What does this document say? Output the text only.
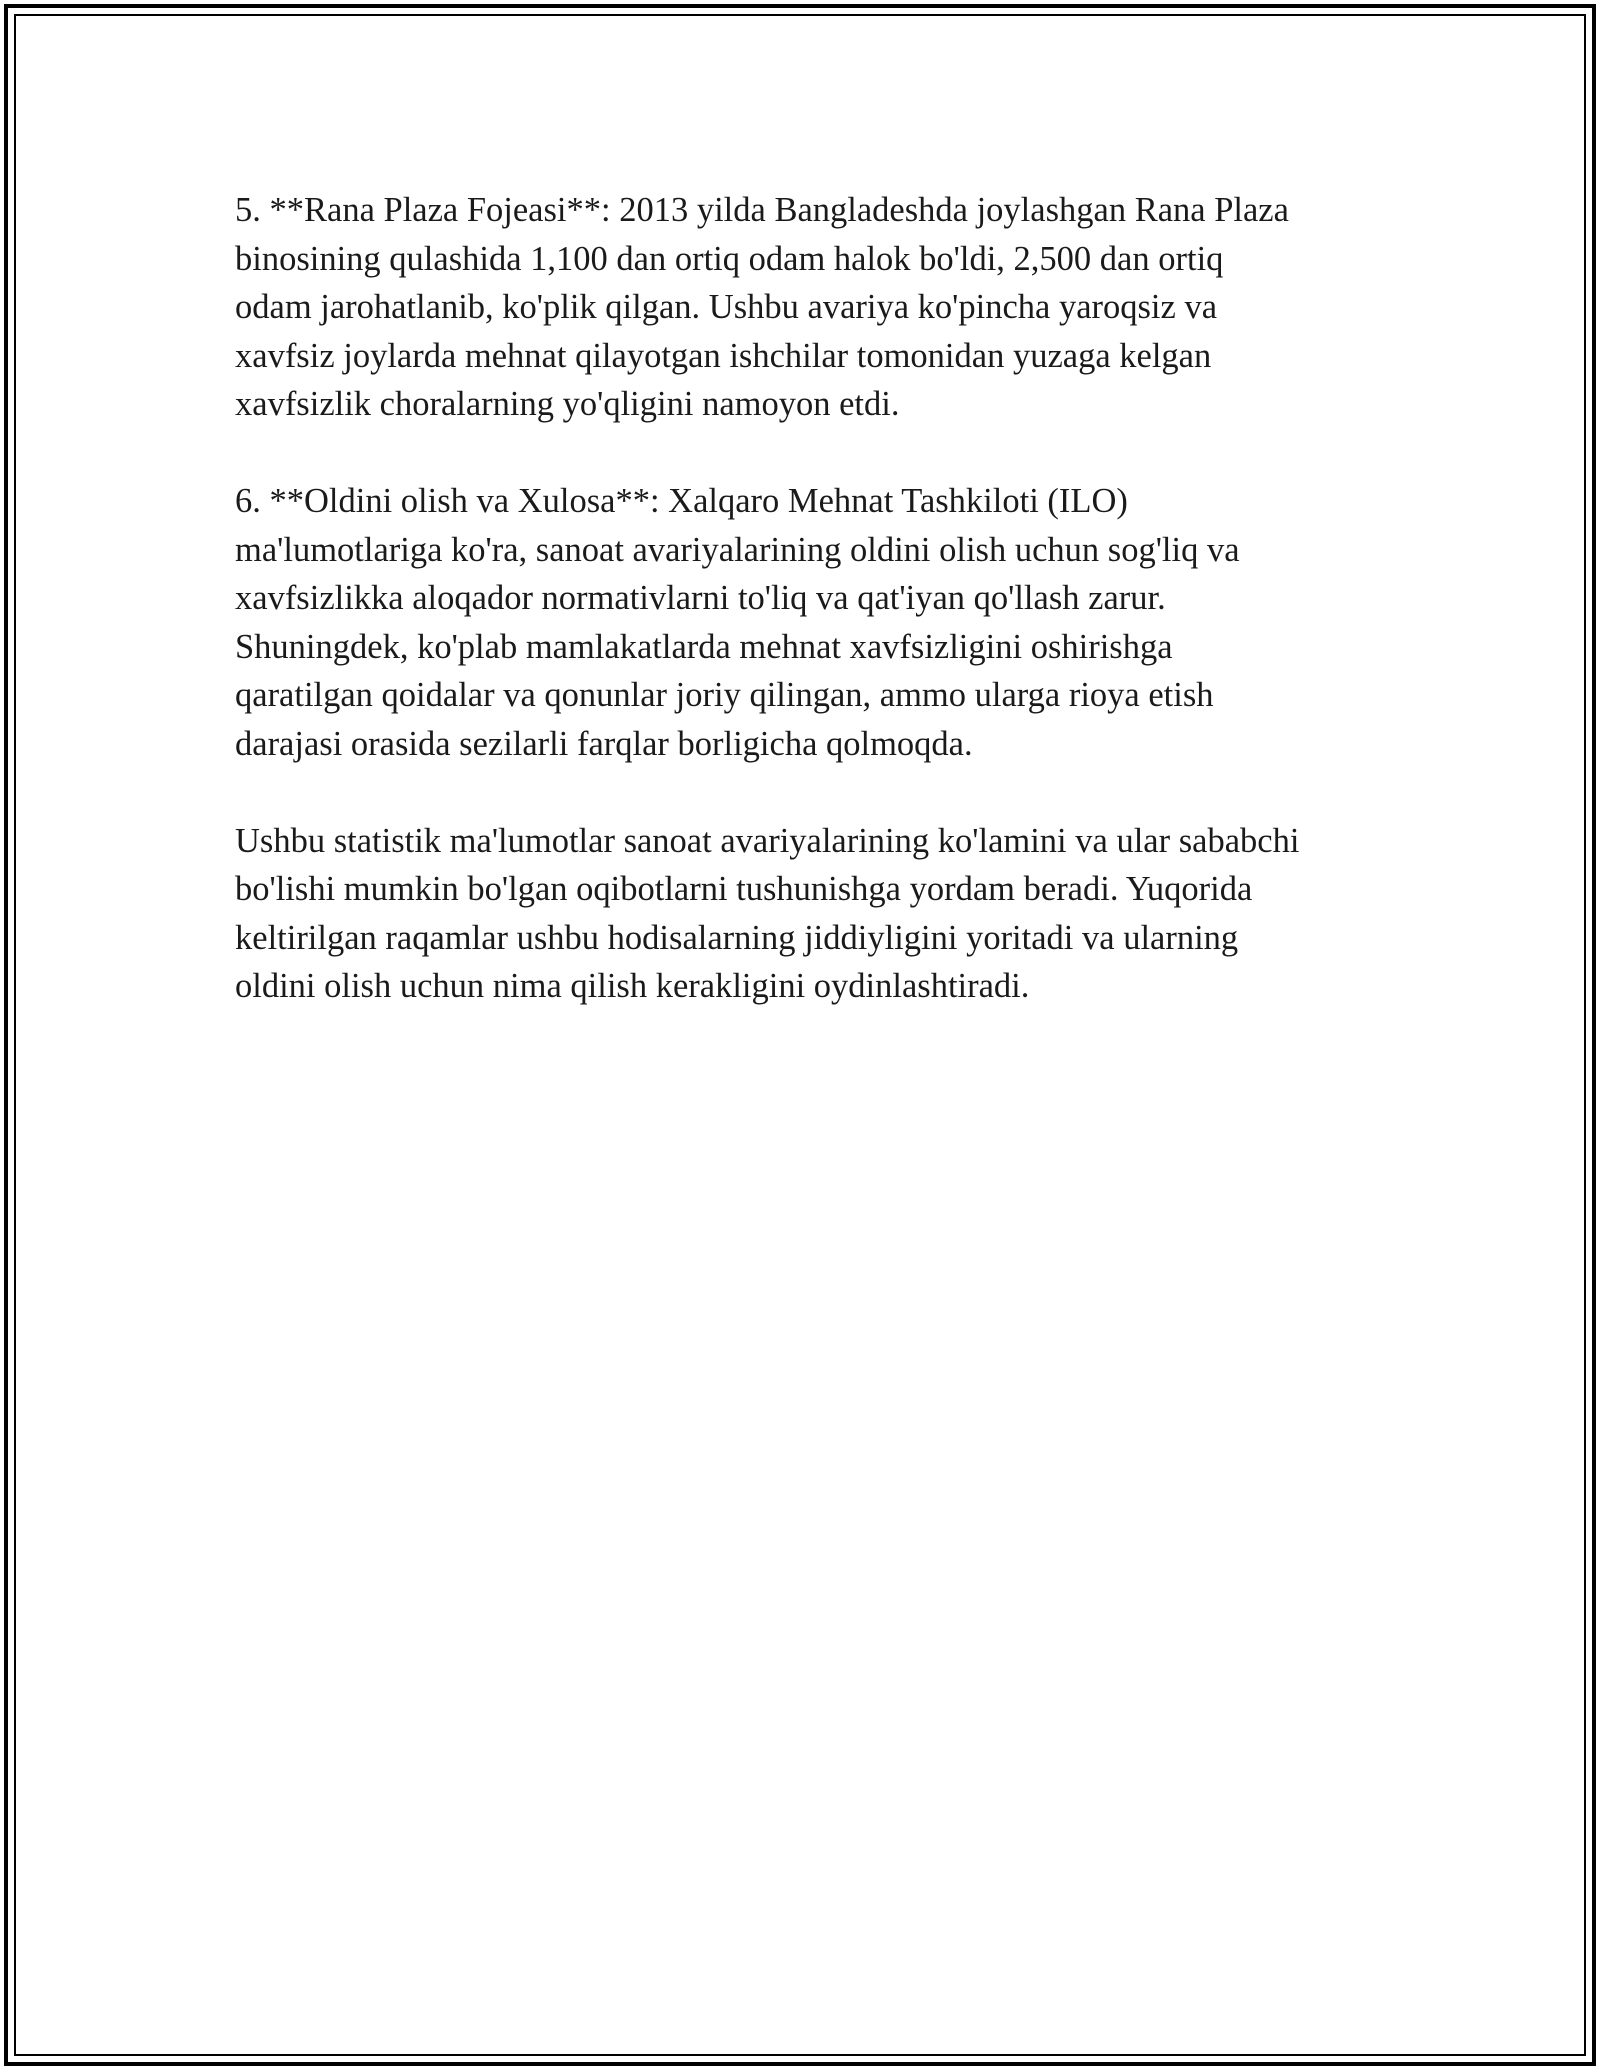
5. **Rana Plaza Fojeasi**: 2013 yilda Bangladeshda joylashgan Rana Plaza
binosining qulashida 1,100 dan ortiq odam halok bo'ldi, 2,500 dan ortiq
odam jarohatlanib, ko'plik qilgan. Ushbu avariya ko'pincha yaroqsiz va
xavfsiz joylarda mehnat qilayotgan ishchilar tomonidan yuzaga kelgan
xavfsizlik choralarning yo'qligini namoyon etdi.

6. **Oldini olish va Xulosa**: Xalqaro Mehnat Tashkiloti (ILO)
ma'lumotlariga ko'ra, sanoat avariyalarining oldini olish uchun sog'liq va
xavfsizlikka aloqador normativlarni to'liq va qat'iyan qo'llash zarur.
Shuningdek, ko'plab mamlakatlarda mehnat xavfsizligini oshirishga
qaratilgan qoidalar va qonunlar joriy qilingan, ammo ularga rioya etish
darajasi orasida sezilarli farqlar borligicha qolmoqda.

Ushbu statistik ma'lumotlar sanoat avariyalarining ko'lamini va ular sababchi
bo'lishi mumkin bo'lgan oqibotlarni tushunishga yordam beradi. Yuqorida
keltirilgan raqamlar ushbu hodisalarning jiddiyligini yoritadi va ularning
oldini olish uchun nima qilish kerakligini oydinlashtiradi.
